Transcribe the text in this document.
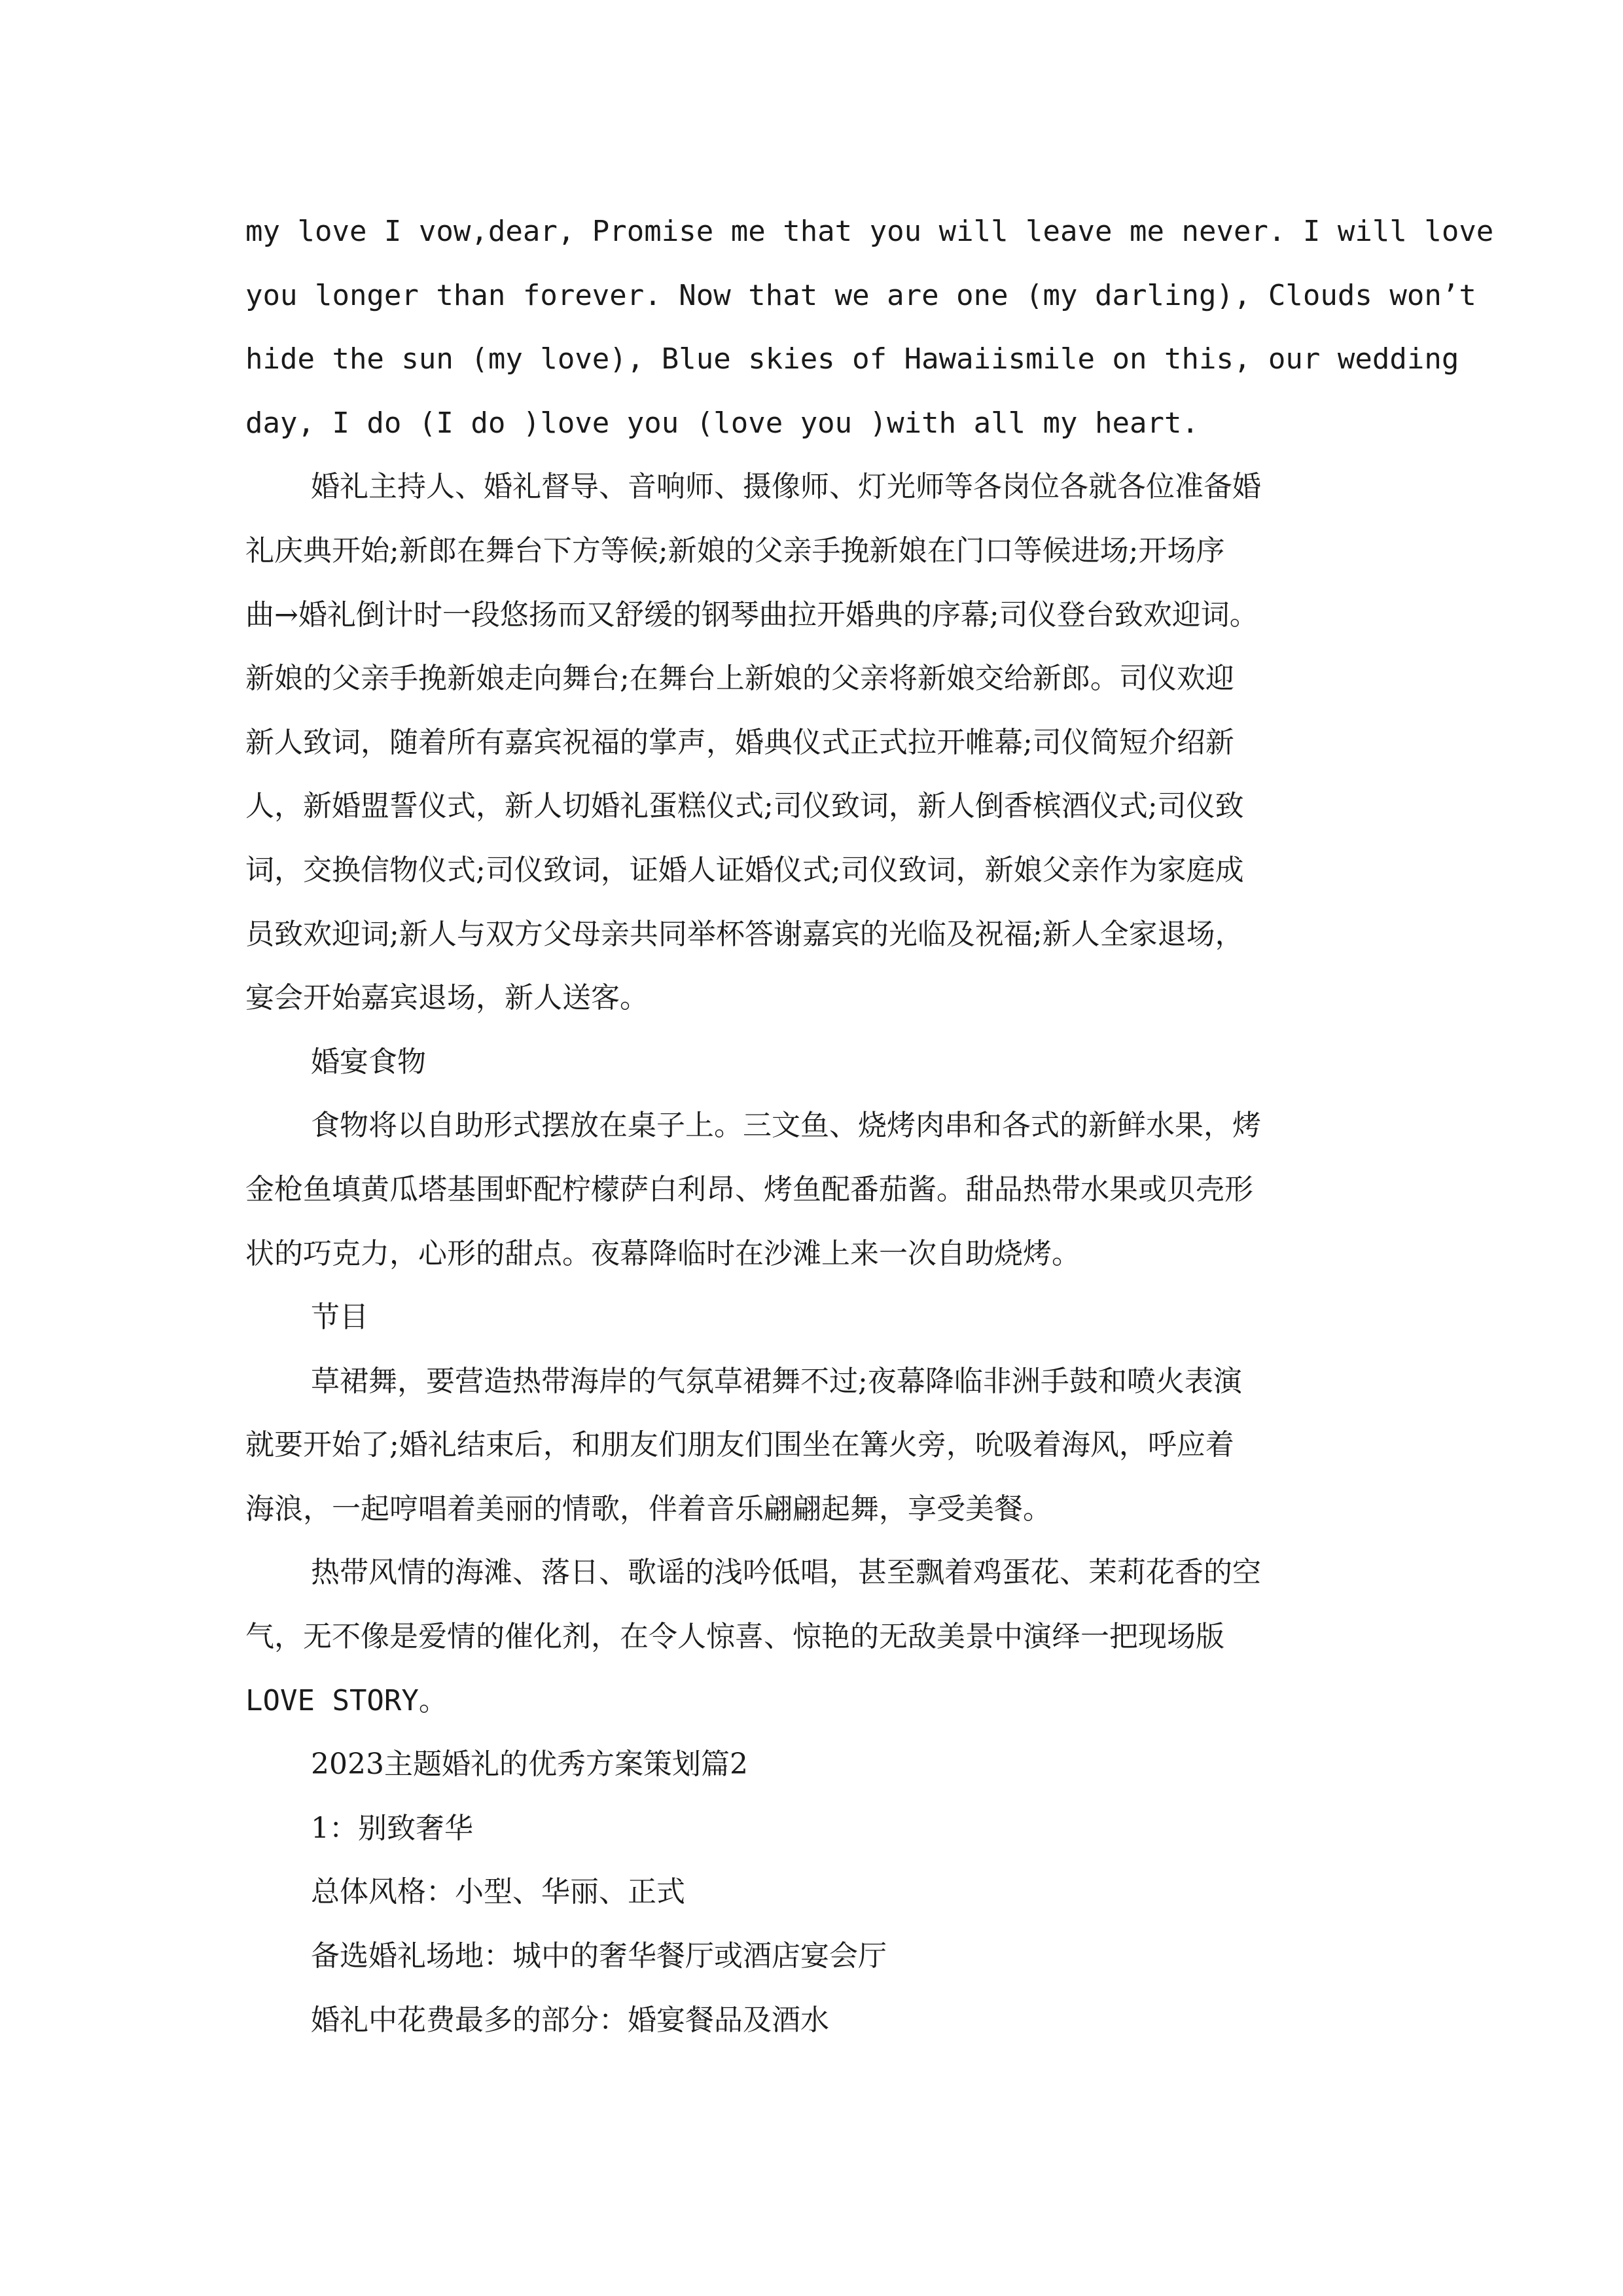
my love I vow,dear, Promise me that you will leave me never. I will love
you longer than forever. Now that we are one (my darling), Clouds won’t
hide the sun (my love), Blue skies of Hawaiismile on this, our wedding
day, I do (I do )love you (love you )with all my heart.
婚礼主持人、婚礼督导、音响师、摄像师、灯光师等各岗位各就各位准备婚
礼庆典开始;新郎在舞台下方等候;新娘的父亲手挽新娘在门口等候进场;开场序
曲→婚礼倒计时一段悠扬而又舒缓的钢琴曲拉开婚典的序幕;司仪登台致欢迎词。
新娘的父亲手挽新娘走向舞台;在舞台上新娘的父亲将新娘交给新郎。司仪欢迎
新人致词，随着所有嘉宾祝福的掌声，婚典仪式正式拉开帷幕;司仪简短介绍新
人，新婚盟誓仪式，新人切婚礼蛋糕仪式;司仪致词，新人倒香槟酒仪式;司仪致
词，交换信物仪式;司仪致词，证婚人证婚仪式;司仪致词，新娘父亲作为家庭成
员致欢迎词;新人与双方父母亲共同举杯答谢嘉宾的光临及祝福;新人全家退场，
宴会开始嘉宾退场，新人送客。
婚宴食物
食物将以自助形式摆放在桌子上。三文鱼、烧烤肉串和各式的新鲜水果，烤
金枪鱼填黄瓜塔基围虾配柠檬萨白利昂、烤鱼配番茄酱。甜品热带水果或贝壳形
状的巧克力，心形的甜点。夜幕降临时在沙滩上来一次自助烧烤。
节目
草裙舞，要营造热带海岸的气氛草裙舞不过;夜幕降临非洲手鼓和喷火表演
就要开始了;婚礼结束后，和朋友们朋友们围坐在篝火旁，吮吸着海风，呼应着
海浪，一起哼唱着美丽的情歌，伴着音乐翩翩起舞，享受美餐。
热带风情的海滩、落日、歌谣的浅吟低唱，甚至飘着鸡蛋花、茉莉花香的空
气，无不像是爱情的催化剂，在令人惊喜、惊艳的无敌美景中演绎一把现场版
LOVE STORY。
2023主题婚礼的优秀方案策划篇2
1：别致奢华
总体风格：小型、华丽、正式
备选婚礼场地：城中的奢华餐厅或酒店宴会厅
婚礼中花费最多的部分：婚宴餐品及酒水
